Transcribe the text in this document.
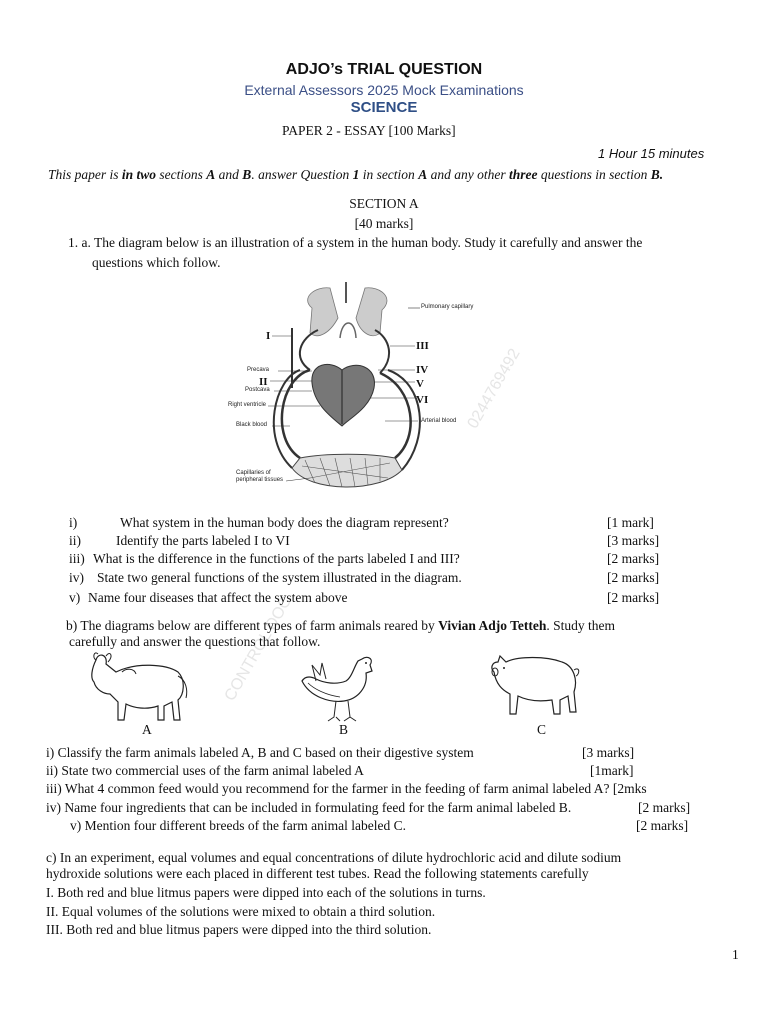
ADJO’s TRIAL QUESTION
External Assessors 2025 Mock Examinations
SCIENCE
PAPER 2 - ESSAY [100 Marks]
1 Hour 15 minutes
This paper is in two sections A and B. answer Question 1 in section A and any other three questions in section B.
SECTION A
[40 marks]
1. a. The diagram below is an illustration of a system in the human body. Study it carefully and answer the
questions which follow.
Pulmonary capillary
Precava
Postcava
Right ventricle
Black blood
Arterial blood
Capillaries of
peripheral tissues
I
II
III
IV
V
VI 0244769492
CONTROL DOC
i)	What system in the human body does the diagram represent?	[1 mark]
ii)	Identify the parts labeled I to VI	[3 marks]
iii) What is the difference in the functions of the parts labeled I and III?	[2 marks]
iv) State two general functions of the system illustrated in the diagram.	[2 marks]
v) Name four diseases that affect the system above	[2 marks]
b) The diagrams below are different types of farm animals reared by Vivian Adjo Tetteh. Study them
carefully and answer the questions that follow.
A	B	C
i) Classify the farm animals labeled A, B and C based on their digestive system	[3 marks]
ii) State two commercial uses of the farm animal labeled A	[1mark]
iii) What 4 common feed would you recommend for the farmer in the feeding of farm animal labeled A? [2mks
iv) Name four ingredients that can be included in formulating feed for the farm animal labeled B.	[2 marks]
v) Mention four different breeds of the farm animal labeled C.	[2 marks]
c) In an experiment, equal volumes and equal concentrations of dilute hydrochloric acid and dilute sodium
hydroxide solutions were each placed in different test tubes. Read the following statements carefully
I. Both red and blue litmus papers were dipped into each of the solutions in turns.
II. Equal volumes of the solutions were mixed to obtain a third solution.
III. Both red and blue litmus papers were dipped into the third solution.
1
